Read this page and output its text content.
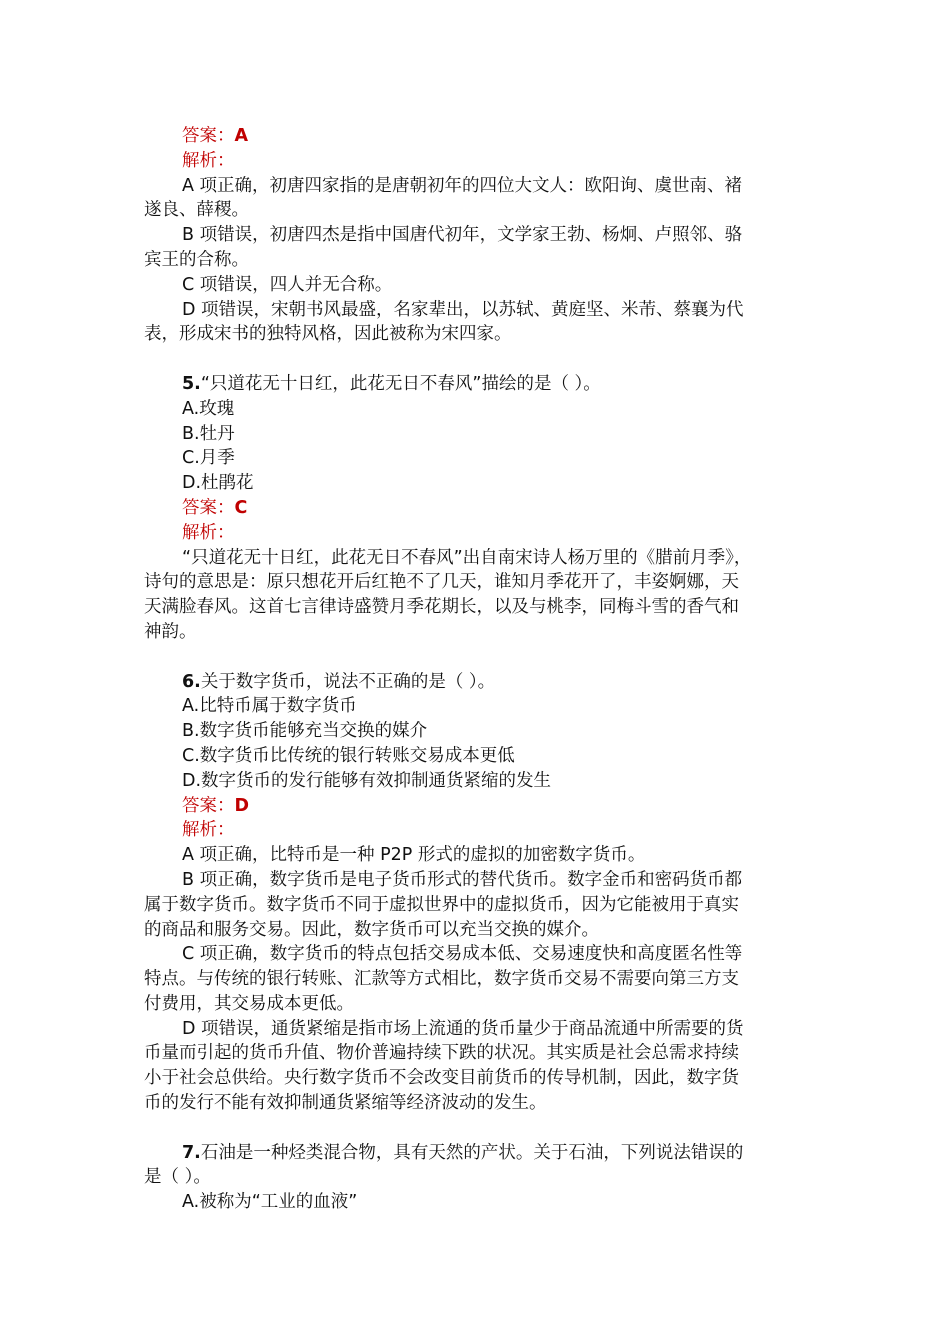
答案：A
解析：
A 项正确，初唐四家指的是唐朝初年的四位大文人：欧阳询、虞世南、褚
遂良、薛稷。
B 项错误，初唐四杰是指中国唐代初年，文学家王勃、杨炯、卢照邻、骆
宾王的合称。
C 项错误，四人并无合称。
D 项错误，宋朝书风最盛，名家辈出，以苏轼、黄庭坚、米芾、蔡襄为代
表，形成宋书的独特风格，因此被称为宋四家。
5.“只道花无十日红，此花无日不春风”描绘的是（ ）。
A.玫瑰
B.牡丹
C.月季
D.杜鹃花
答案：C
解析：
“只道花无十日红，此花无日不春风”出自南宋诗人杨万里的《腊前月季》，
诗句的意思是：原只想花开后红艳不了几天，谁知月季花开了，丰姿婀娜，天
天满脸春风。这首七言律诗盛赞月季花期长，以及与桃李，同梅斗雪的香气和
神韵。
6.关于数字货币，说法不正确的是（ ）。
A.比特币属于数字货币
B.数字货币能够充当交换的媒介
C.数字货币比传统的银行转账交易成本更低
D.数字货币的发行能够有效抑制通货紧缩的发生
答案：D
解析：
A 项正确，比特币是一种 P2P 形式的虚拟的加密数字货币。
B 项正确，数字货币是电子货币形式的替代货币。数字金币和密码货币都
属于数字货币。数字货币不同于虚拟世界中的虚拟货币，因为它能被用于真实
的商品和服务交易。因此，数字货币可以充当交换的媒介。
C 项正确，数字货币的特点包括交易成本低、交易速度快和高度匿名性等
特点。与传统的银行转账、汇款等方式相比，数字货币交易不需要向第三方支
付费用，其交易成本更低。
D 项错误，通货紧缩是指市场上流通的货币量少于商品流通中所需要的货
币量而引起的货币升值、物价普遍持续下跌的状况。其实质是社会总需求持续
小于社会总供给。央行数字货币不会改变目前货币的传导机制，因此，数字货
币的发行不能有效抑制通货紧缩等经济波动的发生。
7.石油是一种烃类混合物，具有天然的产状。关于石油，下列说法错误的
是（ ）。
A.被称为“工业的血液”
